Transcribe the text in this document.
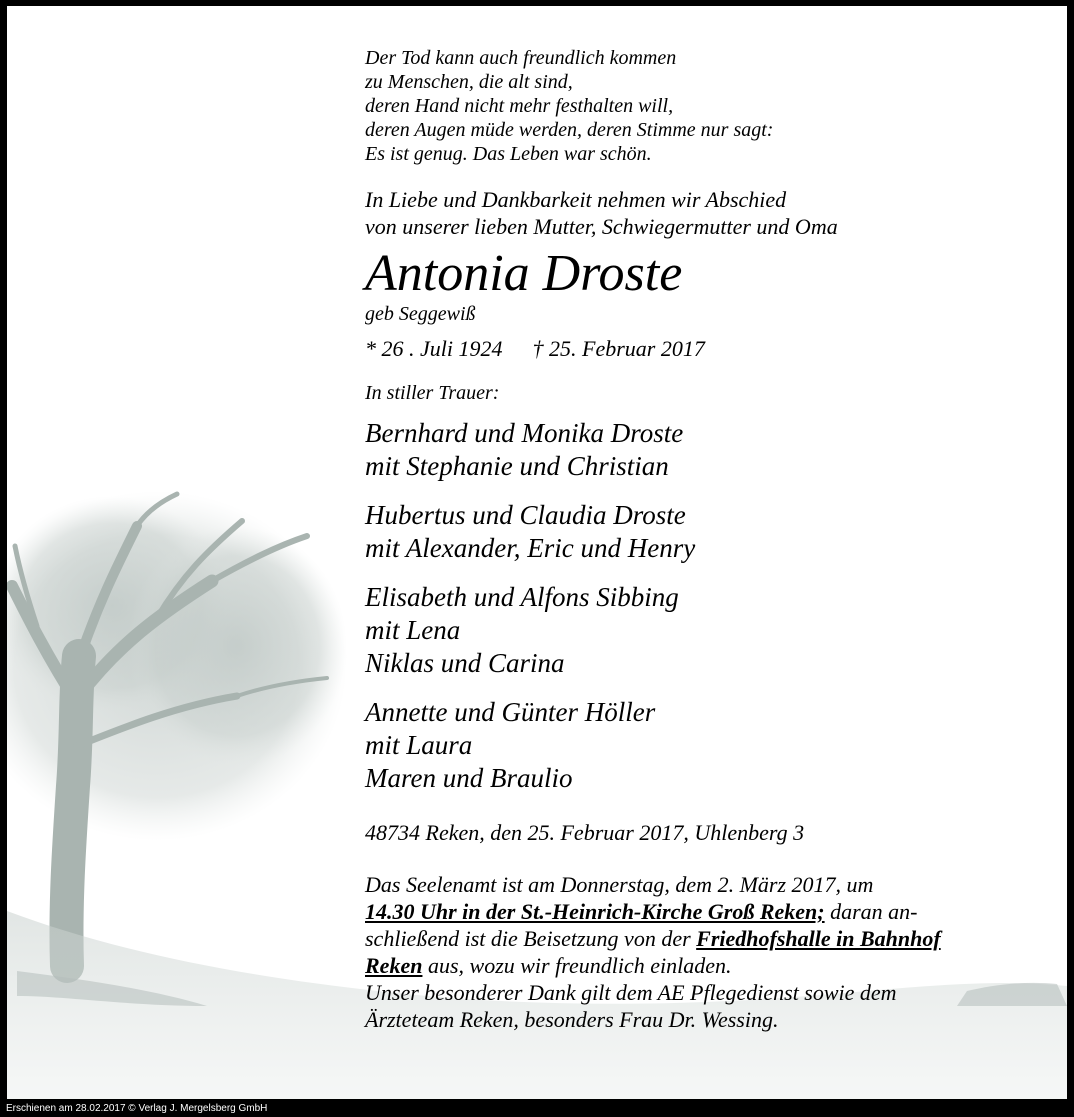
Der Tod kann auch freundlich kommen
zu Menschen, die alt sind,
deren Hand nicht mehr festhalten will,
deren Augen müde werden, deren Stimme nur sagt:
Es ist genug. Das Leben war schön.
In Liebe und Dankbarkeit nehmen wir Abschied
von unserer lieben Mutter, Schwiegermutter und Oma
Antonia Droste
geb Seggewiß
* 26 . Juli 1924 † 25. Februar 2017
In stiller Trauer:
Bernhard und Monika Droste
mit Stephanie und Christian
Hubertus und Claudia Droste
mit Alexander, Eric und Henry
Elisabeth und Alfons Sibbing
mit Lena
Niklas und Carina
Annette und Günter Höller
mit Laura
Maren und Braulio
48734 Reken, den 25. Februar 2017, Uhlenberg 3
Das Seelenamt ist am Donnerstag, dem 2. März 2017, um
14.30 Uhr in der St.-Heinrich-Kirche Groß Reken; daran an-
schließend ist die Beisetzung von der Friedhofshalle in Bahnhof
Reken aus, wozu wir freundlich einladen.
Unser besonderer Dank gilt dem AE Pflegedienst sowie dem
Ärzteteam Reken, besonders Frau Dr. Wessing.
Erschienen am 28.02.2017 © Verlag J. Mergelsberg GmbH
